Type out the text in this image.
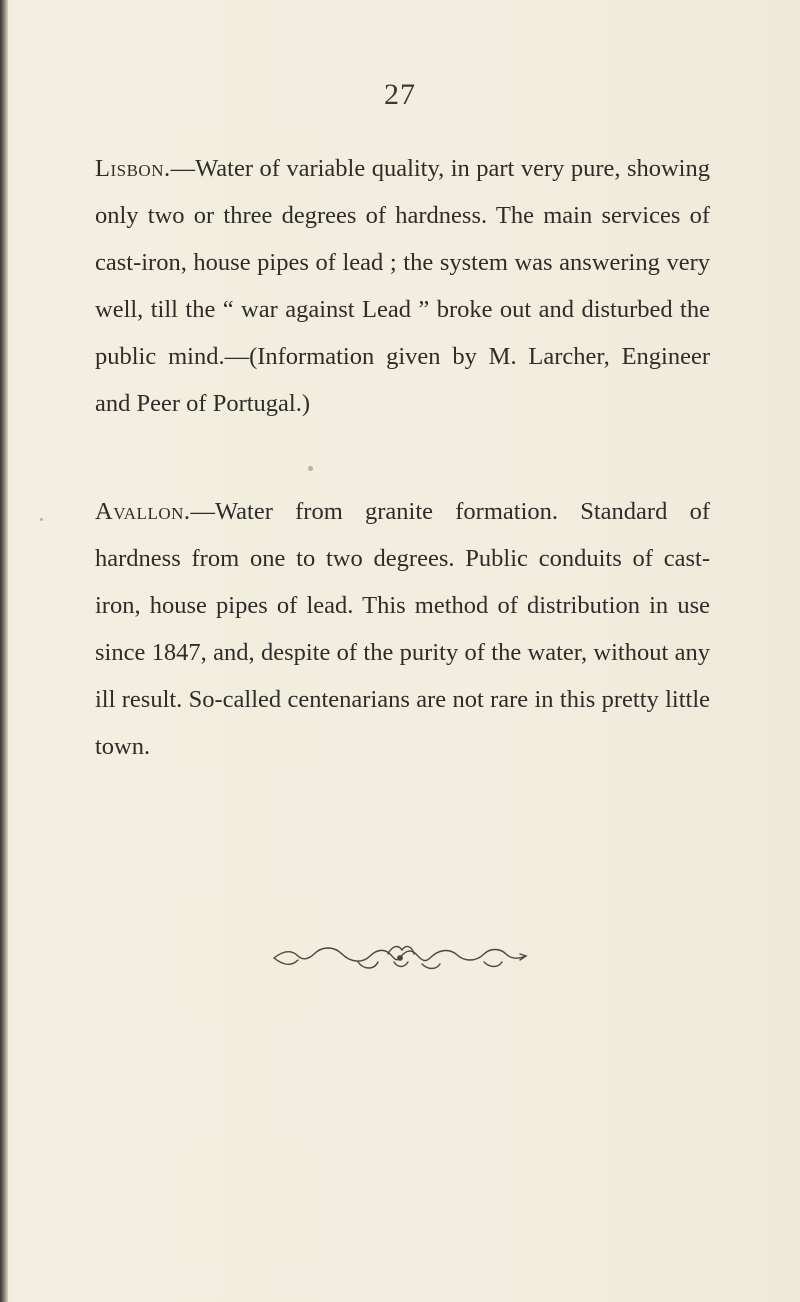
27

Lisbon.—Water of variable quality, in part very pure, showing only two or three degrees of hardness. The main services of cast-iron, house pipes of lead ; the system was answering very well, till the “ war against Lead ” broke out and disturbed the public mind.—(Information given by M. Larcher, Engineer and Peer of Portugal.)

Avallon.—Water from granite formation. Standard of hardness from one to two degrees. Public conduits of cast-iron, house pipes of lead. This method of distribution in use since 1847, and, despite of the purity of the water, without any ill result. So-called centenarians are not rare in this pretty little town.
